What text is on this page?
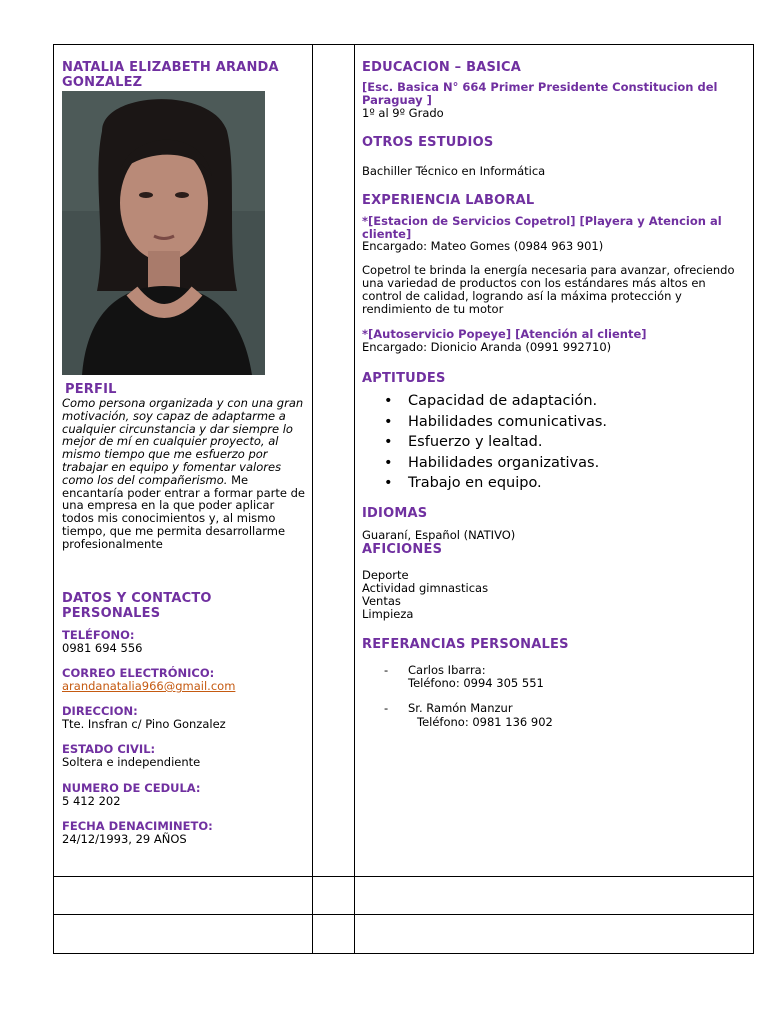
NATALIA ELIZABETH ARANDA GONZALEZ
PERFIL
Como persona organizada y con una gran motivación, soy capaz de adaptarme a cualquier circunstancia y dar siempre lo mejor de mí en cualquier proyecto, al mismo tiempo que me esfuerzo por trabajar en equipo y fomentar valores como los del compañerismo. Me encantaría poder entrar a formar parte de una empresa en la que poder aplicar todos mis conocimientos y, al mismo tiempo, que me permita desarrollarme profesionalmente
DATOS Y CONTACTO PERSONALES
TELÉFONO:
0981 694 556
CORREO ELECTRÓNICO:
arandanatalia966@gmail.com
DIRECCION:
Tte. Insfran c/ Pino Gonzalez
ESTADO CIVIL:
Soltera e independiente
NUMERO DE CEDULA:
5 412 202
FECHA DENACIMINETO:
24/12/1993, 29 AÑOS
EDUCACION – BASICA
[Esc. Basica N° 664 Primer Presidente Constitucion del Paraguay ]
1º al 9º Grado
OTROS ESTUDIOS
Bachiller Técnico en Informática
EXPERIENCIA LABORAL
*[Estacion de Servicios Copetrol] [Playera y Atencion al cliente]
Encargado: Mateo Gomes (0984 963 901)
Copetrol te brinda la energía necesaria para avanzar, ofreciendo una variedad de productos con los estándares más altos en control de calidad, logrando así la máxima protección y rendimiento de tu motor
*[Autoservicio Popeye] [Atención al cliente]
Encargado: Dionicio Aranda (0991 992710)
APTITUDES
• Capacidad de adaptación.
• Habilidades comunicativas.
• Esfuerzo y lealtad.
• Habilidades organizativas.
• Trabajo en equipo.
IDIOMAS
Guaraní, Español (NATIVO)
AFICIONES
Deporte
Actividad gimnasticas
Ventas
Limpieza
REFERANCIAS PERSONALES
- Carlos Ibarra:
Teléfono: 0994 305 551
- Sr. Ramón Manzur
Teléfono: 0981 136 902
